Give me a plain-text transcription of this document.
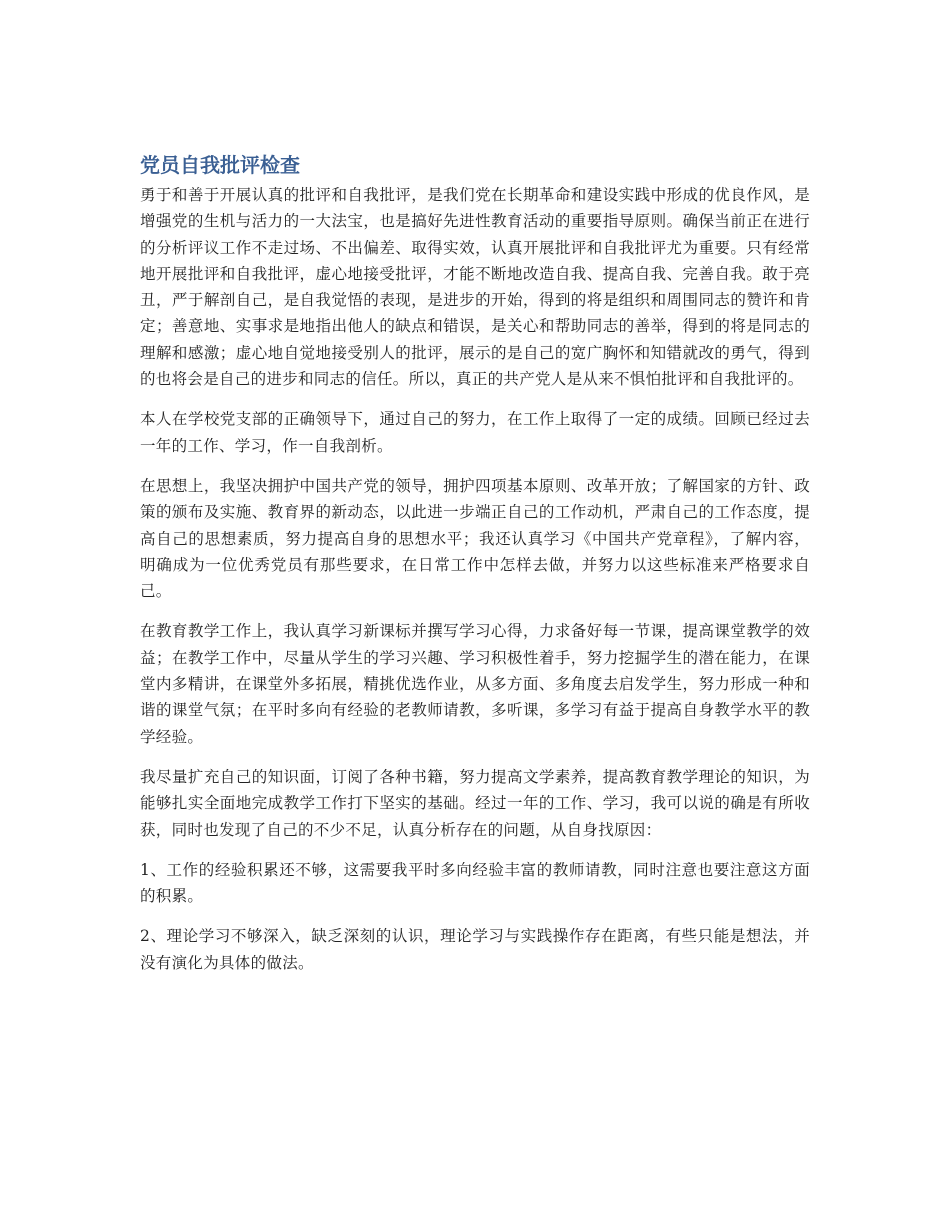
党员自我批评检查

勇于和善于开展认真的批评和自我批评，是我们党在长期革命和建设实践中形成的优良作风，是增强党的生机与活力的一大法宝，也是搞好先进性教育活动的重要指导原则。确保当前正在进行的分析评议工作不走过场、不出偏差、取得实效，认真开展批评和自我批评尤为重要。只有经常地开展批评和自我批评，虚心地接受批评，才能不断地改造自我、提高自我、完善自我。敢于亮丑，严于解剖自己，是自我觉悟的表现，是进步的开始，得到的将是组织和周围同志的赞许和肯定；善意地、实事求是地指出他人的缺点和错误，是关心和帮助同志的善举，得到的将是同志的理解和感激；虚心地自觉地接受别人的批评，展示的是自己的宽广胸怀和知错就改的勇气，得到的也将会是自己的进步和同志的信任。所以，真正的共产党人是从来不惧怕批评和自我批评的。

本人在学校党支部的正确领导下，通过自己的努力，在工作上取得了一定的成绩。回顾已经过去一年的工作、学习，作一自我剖析。

在思想上，我坚决拥护中国共产党的领导，拥护四项基本原则、改革开放；了解国家的方针、政策的颁布及实施、教育界的新动态，以此进一步端正自己的工作动机，严肃自己的工作态度，提高自己的思想素质，努力提高自身的思想水平；我还认真学习《中国共产党章程》，了解内容，明确成为一位优秀党员有那些要求，在日常工作中怎样去做，并努力以这些标准来严格要求自己。

在教育教学工作上，我认真学习新课标并撰写学习心得，力求备好每一节课，提高课堂教学的效益；在教学工作中，尽量从学生的学习兴趣、学习积极性着手，努力挖掘学生的潜在能力，在课堂内多精讲，在课堂外多拓展，精挑优选作业，从多方面、多角度去启发学生，努力形成一种和谐的课堂气氛；在平时多向有经验的老教师请教，多听课，多学习有益于提高自身教学水平的教学经验。

我尽量扩充自己的知识面，订阅了各种书籍，努力提高文学素养，提高教育教学理论的知识，为能够扎实全面地完成教学工作打下坚实的基础。经过一年的工作、学习，我可以说的确是有所收获，同时也发现了自己的不少不足，认真分析存在的问题，从自身找原因：

1、工作的经验积累还不够，这需要我平时多向经验丰富的教师请教，同时注意也要注意这方面的积累。

2、理论学习不够深入，缺乏深刻的认识，理论学习与实践操作存在距离，有些只能是想法，并没有演化为具体的做法。
